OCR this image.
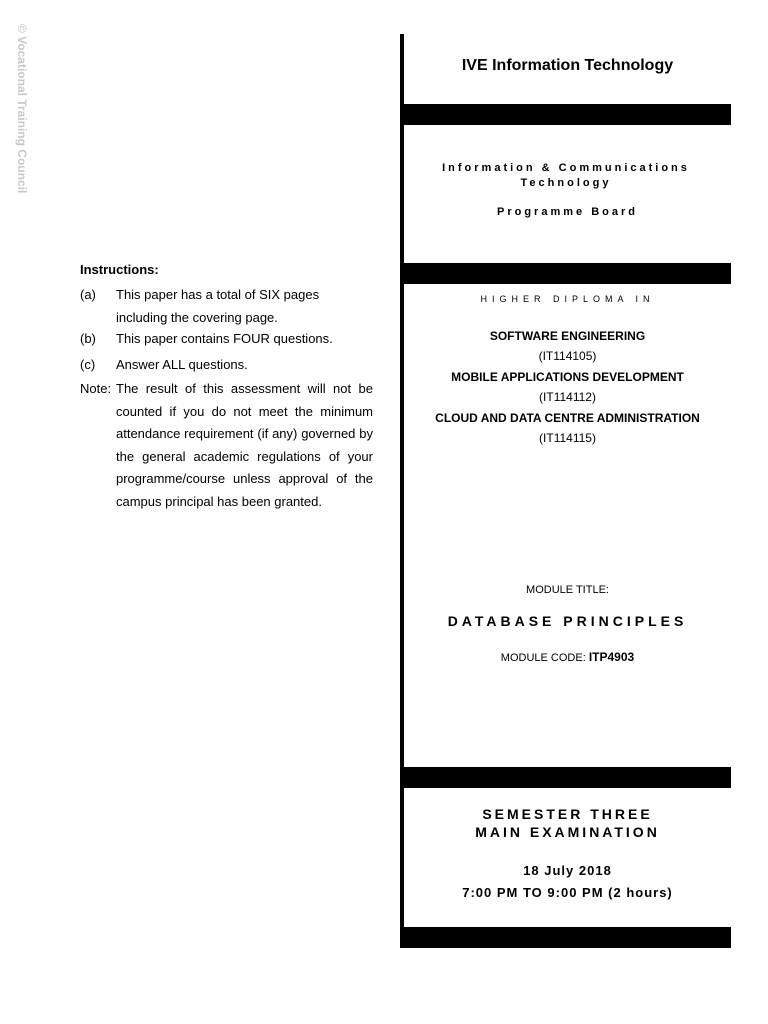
© Vocational Training Council
Instructions:
(a) This paper has a total of SIX pages including the covering page.
(b) This paper contains FOUR questions.
(c) Answer ALL questions.
Note: The result of this assessment will not be counted if you do not meet the minimum attendance requirement (if any) governed by the general academic regulations of your programme/course unless approval of the campus principal has been granted.
IVE Information Technology
Information & Communications
Technology
Programme Board
HIGHER DIPLOMA IN
SOFTWARE ENGINEERING
(IT114105)
MOBILE APPLICATIONS DEVELOPMENT
(IT114112)
CLOUD AND DATA CENTRE ADMINISTRATION
(IT114115)
MODULE TITLE:
DATABASE PRINCIPLES
MODULE CODE: ITP4903
SEMESTER THREE
MAIN EXAMINATION
18 July 2018
7:00 PM TO 9:00 PM (2 hours)
